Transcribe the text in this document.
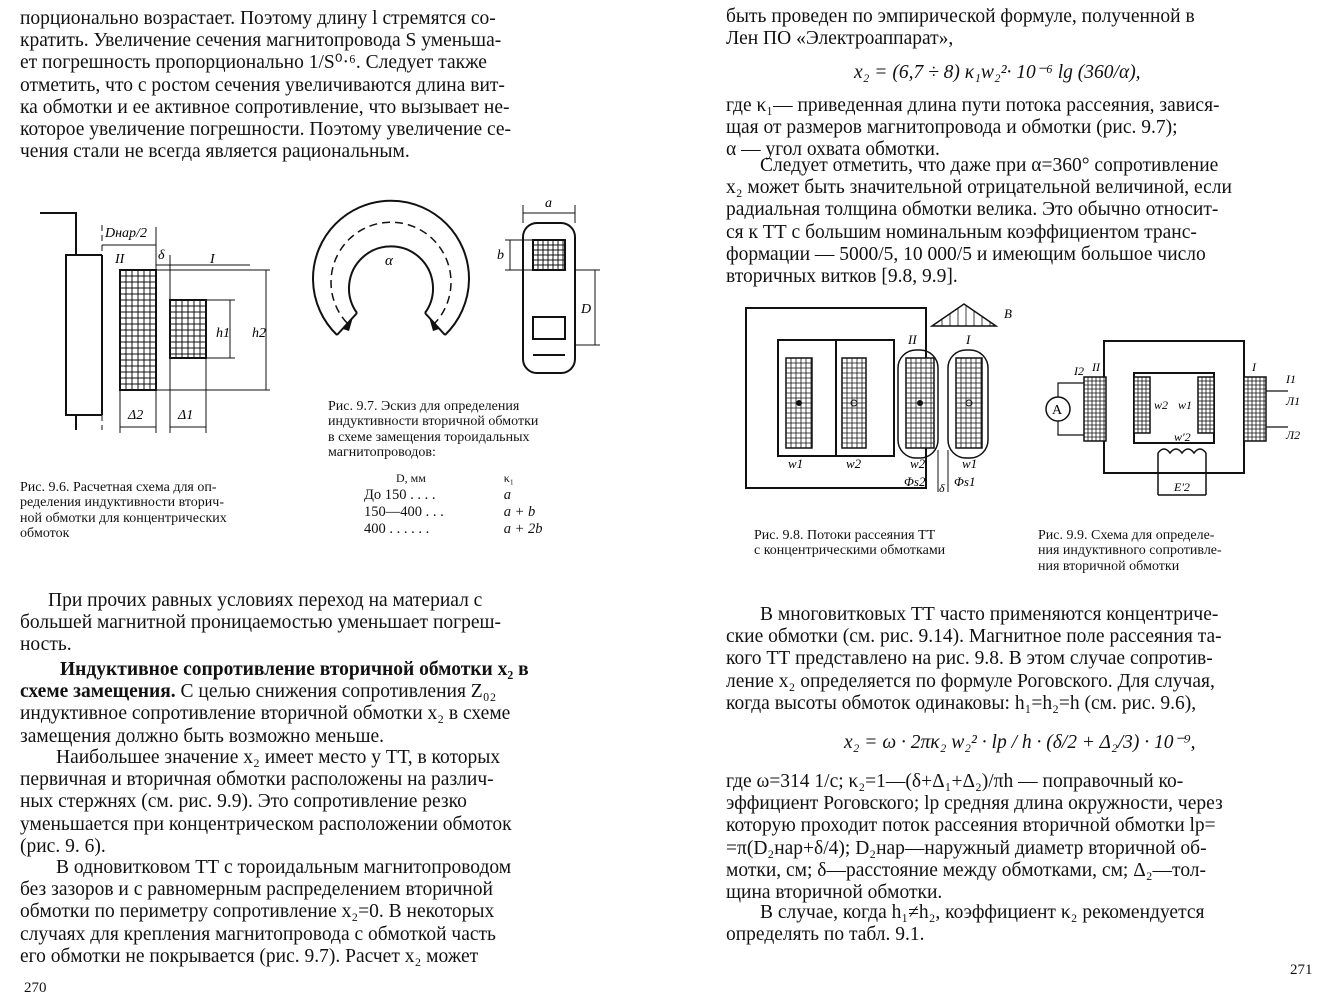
порционально возрастает. Поэтому длину l стремятся со-
кратить. Увеличение сечения магнитопровода S уменьша-
ет погрешность пропорционально 1/S⁰·⁶. Следует также
отметить, что с ростом сечения увеличиваются длина вит-
ка обмотки и ее активное сопротивление, что вызывает не-
которое увеличение погрешности. Поэтому увеличение се-
чения стали не всегда является рациональным.

Dнар/2
II δ	I
h1 h2
Δ2 Δ1

Рис. 9.6. Расчетная схема для оп-
ределения индуктивности вторич-
ной обмотки для концентрических
обмоток

α
a
b
D

Рис. 9.7. Эскиз для определения
индуктивности вторичной обмотки
в схеме замещения тороидальных
магнитопроводов:

D, мм	κ₁
До 150 . . . .	a
150—400 . . .	a + b
400 . . . . . .	a + 2b

При прочих равных условиях переход на материал с
большей магнитной проницаемостью уменьшает погреш-
ность.

Индуктивное сопротивление вторичной обмотки x₂ в
схеме замещения. С целью снижения сопротивления Z₀₂
индуктивное сопротивление вторичной обмотки x₂ в схеме
замещения должно быть возможно меньше.

Наибольшее значение x₂ имеет место у ТТ, в которых
первичная и вторичная обмотки расположены на различ-
ных стержнях (см. рис. 9.9). Это сопротивление резко
уменьшается при концентрическом расположении обмоток
(рис. 9. 6).

В одновитковом ТТ с тороидальным магнитопроводом
без зазоров и с равномерным распределением вторичной
обмотки по периметру сопротивление x₂=0. В некоторых
случаях для крепления магнитопровода с обмоткой часть
его обмотки не покрывается (рис. 9.7). Расчет x₂ может

270

быть проведен по эмпирической формуле, полученной в
Лен ПО «Электроаппарат»,

x₂ = (6,7 ÷ 8) κ₁w₂²· 10⁻⁶ lg (360/α),

где κ₁— приведенная длина пути потока рассеяния, завися-
щая от размеров магнитопровода и обмотки (рис. 9.7);
α — угол охвата обмотки.

Следует отметить, что даже при α=360° сопротивление
x₂ может быть значительной отрицательной величиной, если
радиальная толщина обмотки велика. Это обычно относит-
ся к ТТ с большим номинальным коэффициентом транс-
формации — 5000/5, 10 000/5 и имеющим большое число
вторичных витков [9.8, 9.9].

B
II	I
w1	w2	w2	w1
Φs2 δ Φs1

Рис. 9.8. Потоки рассеяния ТТ
с концентрическими обмотками

A
I2 II	I
I1
Л1
Л2
w2 w1
w'2
E'2

Рис. 9.9. Схема для определе-
ния индуктивного сопротивле-
ния вторичной обмотки

В многовитковых ТТ часто применяются концентриче-
ские обмотки (см. рис. 9.14). Магнитное поле рассеяния та-
кого ТТ представлено на рис. 9.8. В этом случае сопротив-
ление x₂ определяется по формуле Роговского. Для случая,
когда высоты обмоток одинаковы: h₁=h₂=h (см. рис. 9.6),

x₂ = ω · 2πκ₂ w₂² · lp / h · (δ/2 + Δ₂/3) · 10⁻⁹,

где ω=314 1/с; κ₂=1—(δ+Δ₁+Δ₂)/πh — поправочный ко-
эффициент Роговского; lp средняя длина окружности, через
которую проходит поток рассеяния вторичной обмотки lp=
=π(D₂нар+δ/4); D₂нар—наружный диаметр вторичной об-
мотки, см; δ—расстояние между обмотками, см; Δ₂—тол-
щина вторичной обмотки.

В случае, когда h₁≠h₂, коэффициент κ₂ рекомендуется
определять по табл. 9.1.

271
